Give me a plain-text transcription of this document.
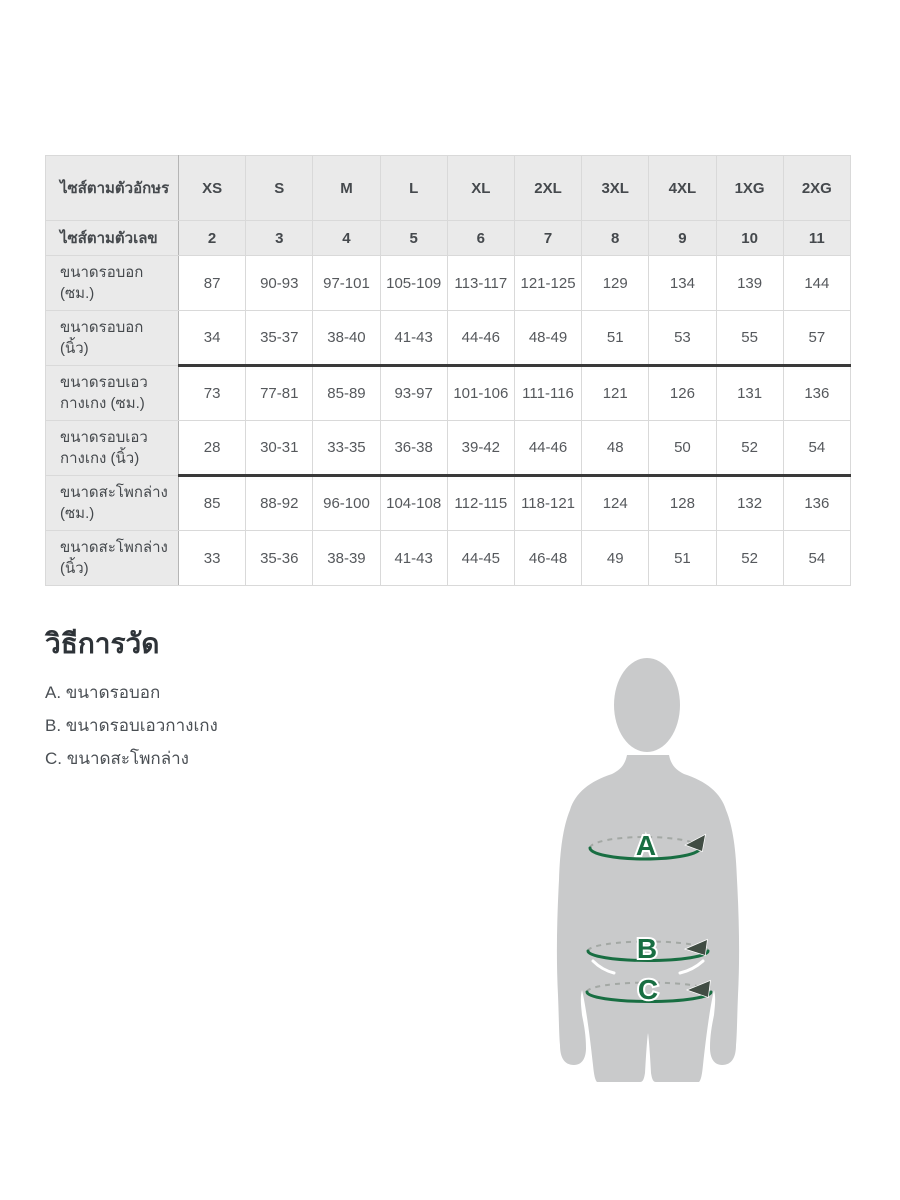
ไซส์ตามตัวอักษร	XS	S	M	L	XL	2XL	3XL	4XL	1XG	2XG
ไซส์ตามตัวเลข	2	3	4	5	6	7	8	9	10	11
ขนาดรอบอก (ซม.)	87	90-93	97-101	105-109	113-117	121-125	129	134	139	144
ขนาดรอบอก (นิ้ว)	34	35-37	38-40	41-43	44-46	48-49	51	53	55	57
ขนาดรอบเอวกางเกง (ซม.)	73	77-81	85-89	93-97	101-106	111-116	121	126	131	136
ขนาดรอบเอวกางเกง (นิ้ว)	28	30-31	33-35	36-38	39-42	44-46	48	50	52	54
ขนาดสะโพกล่าง (ซม.)	85	88-92	96-100	104-108	112-115	118-121	124	128	132	136
ขนาดสะโพกล่าง (นิ้ว)	33	35-36	38-39	41-43	44-45	46-48	49	51	52	54
วิธีการวัด
A. ขนาดรอบอก
B. ขนาดรอบเอวกางเกง
C. ขนาดสะโพกล่าง
A
B
C
